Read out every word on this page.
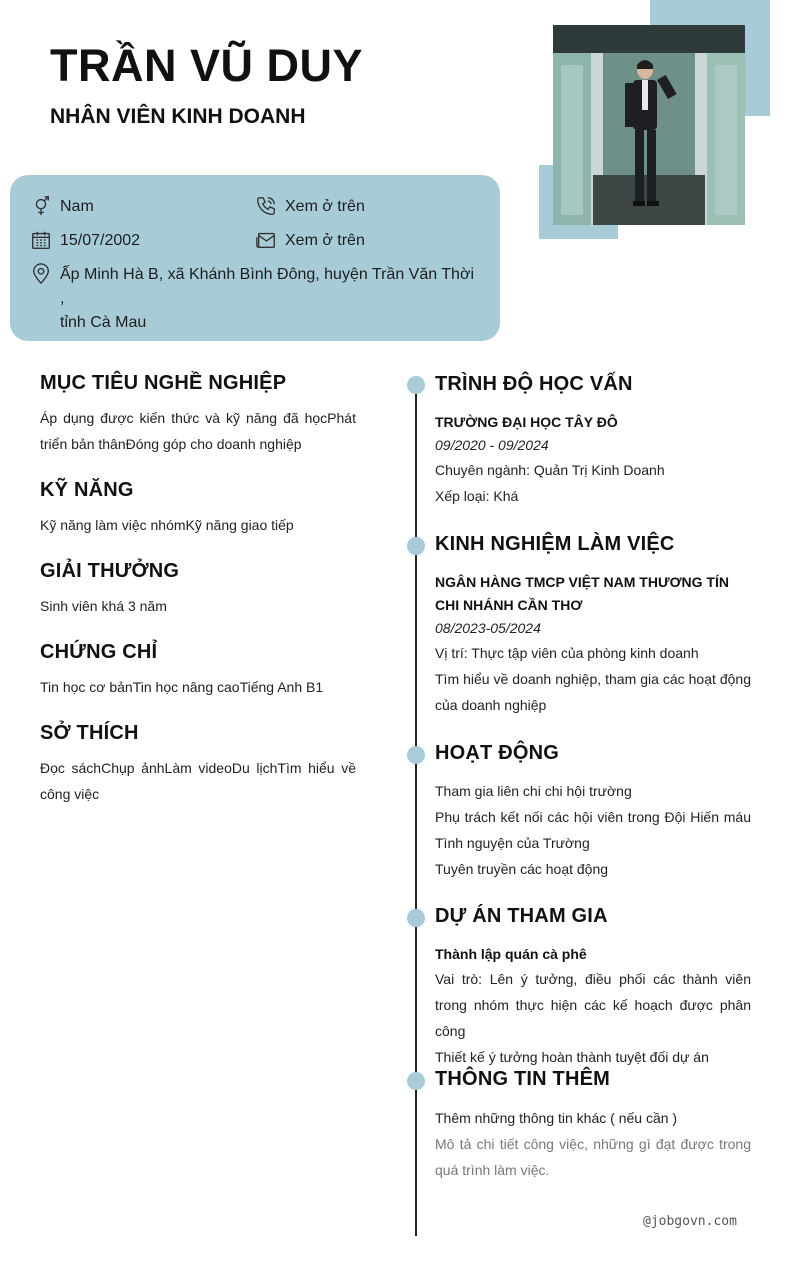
TRẦN VŨ DUY
NHÂN VIÊN KINH DOANH
Nam	Xem ở trên
15/07/2002	Xem ở trên
Ấp Minh Hà B, xã Khánh Bình Đông, huyện Trần Văn Thời ,
tỉnh Cà Mau
MỤC TIÊU NGHỀ NGHIỆP

Áp dụng được kiến thức và kỹ năng đã họcPhát triển bản thânĐóng góp cho doanh nghiệp

KỸ NĂNG

Kỹ năng làm việc nhómKỹ năng giao tiếp

GIẢI THƯỞNG

Sinh viên khá 3 năm

CHỨNG CHỈ

Tin học cơ bảnTin học nâng caoTiếng Anh B1

SỞ THÍCH

Đọc sáchChụp ảnhLàm videoDu lịchTìm hiểu về công việc

TRÌNH ĐỘ HỌC VẤN
TRƯỜNG ĐẠI HỌC TÂY ĐÔ
09/2020 - 09/2024
Chuyên ngành: Quản Trị Kinh Doanh
Xếp loại: Khá
KINH NGHIỆM LÀM VIỆC
NGÂN HÀNG TMCP VIỆT NAM THƯƠNG TÍN CHI NHÁNH CẦN THƠ
08/2023-05/2024
Vị trí: Thực tập viên của phòng kinh doanh
Tìm hiểu về doanh nghiệp, tham gia các hoạt động của doanh nghiệp
HOẠT ĐỘNG
Tham gia liên chi chi hội trường
Phụ trách kết nối các hội viên trong Đội Hiến máu Tình nguyện của Trường
Tuyên truyền các hoạt động
DỰ ÁN THAM GIA
Thành lập quán cà phê
Vai trò: Lên ý tưởng, điều phối các thành viên trong nhóm thực hiện các kế hoạch được phân công
Thiết kế ý tưởng hoàn thành tuyệt đối dự án
THÔNG TIN THÊM
Thêm những thông tin khác ( nếu cần )
Mô tả chi tiết công việc, những gì đạt được trong quá trình làm việc.
@jobgovn.com
